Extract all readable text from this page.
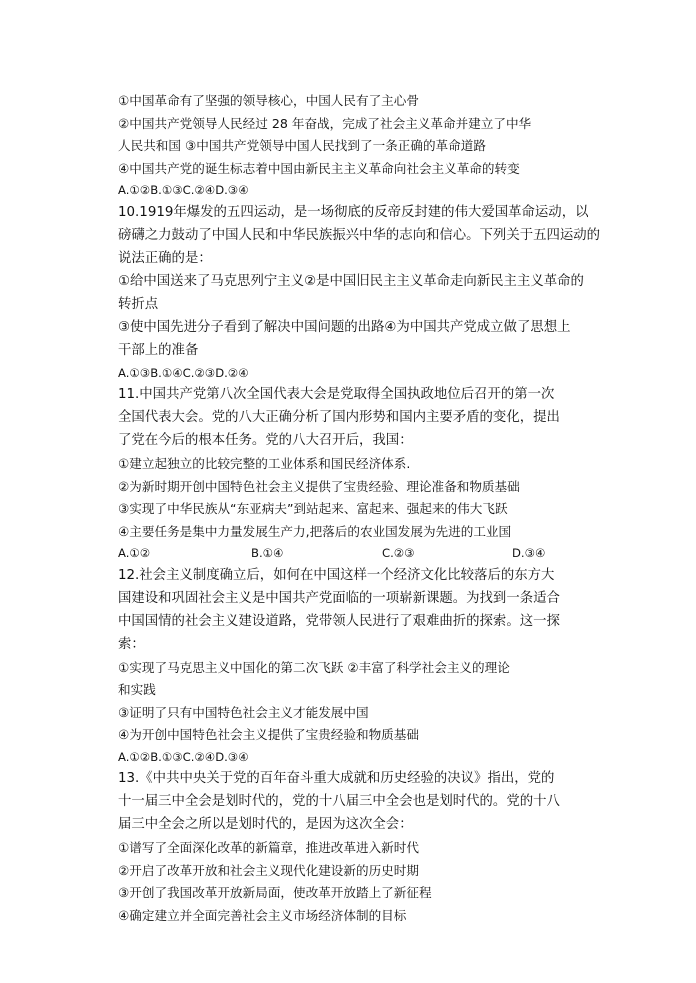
①中国革命有了坚强的领导核心，中国人民有了主心骨
②中国共产党领导人民经过 28 年奋战，完成了社会主义革命并建立了中华
人民共和国 ③中国共产党领导中国人民找到了一条正确的革命道路
④中国共产党的诞生标志着中国由新民主主义革命向社会主义革命的转变
A.①②B.①③C.②④D.③④
10.1919年爆发的五四运动，是一场彻底的反帝反封建的伟大爱国革命运动，以
磅礴之力鼓动了中国人民和中华民族振兴中华的志向和信心。下列关于五四运动的
说法正确的是：
①给中国送来了马克思列宁主义②是中国旧民主主义革命走向新民主主义革命的
转折点
③使中国先进分子看到了解决中国问题的出路④为中国共产党成立做了思想上
干部上的准备
A.①③B.①④C.②③D.②④
11.中国共产党第八次全国代表大会是党取得全国执政地位后召开的第一次
全国代表大会。党的八大正确分析了国内形势和国内主要矛盾的变化，提出
了党在今后的根本任务。党的八大召开后，我国：
①建立起独立的比较完整的工业体系和国民经济体系.
②为新时期开创中国特色社会主义提供了宝贵经验、理论准备和物质基础
③实现了中华民族从“东亚病夫”到站起来、富起来、强起来的伟大飞跃
④主要任务是集中力量发展生产力,把落后的农业国发展为先进的工业国
A.①②	B.①④	C.②③	D.③④
12.社会主义制度确立后，如何在中国这样一个经济文化比较落后的东方大
国建设和巩固社会主义是中国共产党面临的一项崭新课题。为找到一条适合
中国国情的社会主义建设道路，党带领人民进行了艰难曲折的探索。这一探
索：
①实现了马克思主义中国化的第二次飞跃 ②丰富了科学社会主义的理论
和实践
③证明了只有中国特色社会主义才能发展中国
④为开创中国特色社会主义提供了宝贵经验和物质基础
A.①②B.①③C.②④D.③④
13.《中共中央关于党的百年奋斗重大成就和历史经验的决议》指出，党的
十一届三中全会是划时代的，党的十八届三中全会也是划时代的。党的十八
届三中全会之所以是划时代的，是因为这次全会：
①谱写了全面深化改革的新篇章，推进改革进入新时代
②开启了改革开放和社会主义现代化建设新的历史时期
③开创了我国改革开放新局面，使改革开放踏上了新征程
④确定建立并全面完善社会主义市场经济体制的目标
